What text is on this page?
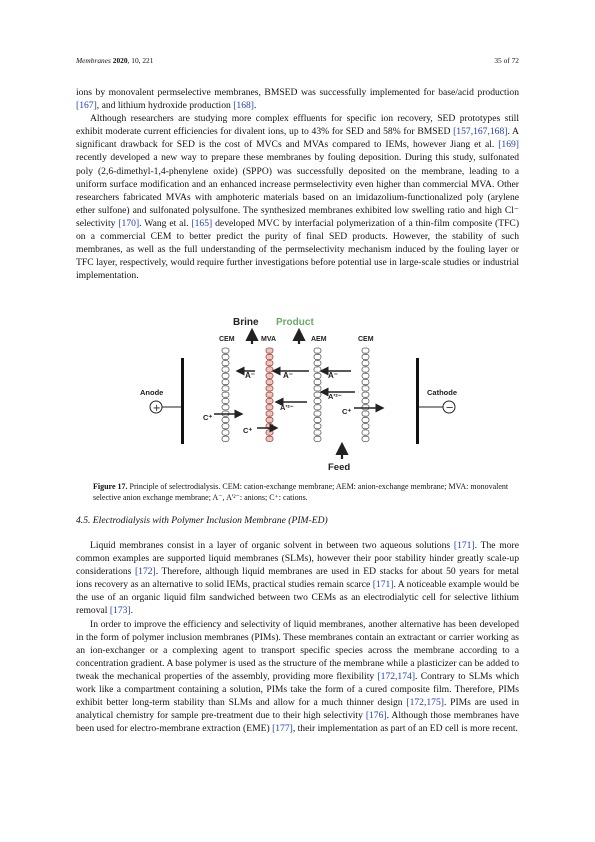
Membranes 2020, 10, 221	35 of 72

ions by monovalent permselective membranes, BMSED was successfully implemented for base/acid production [167], and lithium hydroxide production [168].

Although researchers are studying more complex effluents for specific ion recovery, SED prototypes still exhibit moderate current efficiencies for divalent ions, up to 43% for SED and 58% for BMSED [157,167,168]. A significant drawback for SED is the cost of MVCs and MVAs compared to IEMs, however Jiang et al. [169] recently developed a new way to prepare these membranes by fouling deposition. During this study, sulfonated poly (2,6-dimethyl-1,4-phenylene oxide) (SPPO) was successfully deposited on the membrane, leading to a uniform surface modification and an enhanced increase permselectivity even higher than commercial MVA. Other researchers fabricated MVAs with amphoteric materials based on an imidazolium-functionalized poly (arylene ether sulfone) and sulfonated polysulfone. The synthesized membranes exhibited low swelling ratio and high Cl⁻ selectivity [170]. Wang et al. [165] developed MVC by interfacial polymerization of a thin-film composite (TFC) on a commercial CEM to better predict the purity of final SED products. However, the stability of such membranes, as well as the full understanding of the permselectivity mechanism induced by the fouling layer or TFC layer, respectively, would require further investigations before potential use in large-scale studies or industrial implementation.

Brine Product
CEM	MVA	AEM	CEM
Anode
+
Cathode
−
A⁻	A⁻	A⁻
A'²⁻
A'²⁻
C⁺
C⁺
C⁺
Feed
Figure 17. Principle of selectrodialysis. CEM: cation-exchange membrane; AEM: anion-exchange membrane; MVA: monovalent selective anion exchange membrane; A⁻, A'²⁻: anions; C⁺: cations.
4.5. Electrodialysis with Polymer Inclusion Membrane (PIM-ED)

Liquid membranes consist in a layer of organic solvent in between two aqueous solutions [171]. The more common examples are supported liquid membranes (SLMs), however their poor stability hinder greatly scale-up considerations [172]. Therefore, although liquid membranes are used in ED stacks for about 50 years for metal ions recovery as an alternative to solid IEMs, practical studies remain scarce [171]. A noticeable example would be the use of an organic liquid film sandwiched between two CEMs as an electrodialytic cell for selective lithium removal [173].

In order to improve the efficiency and selectivity of liquid membranes, another alternative has been developed in the form of polymer inclusion membranes (PIMs). These membranes contain an extractant or carrier working as an ion-exchanger or a complexing agent to transport specific species across the membrane according to a concentration gradient. A base polymer is used as the structure of the membrane while a plasticizer can be added to tweak the mechanical properties of the assembly, providing more flexibility [172,174]. Contrary to SLMs which work like a compartment containing a solution, PIMs take the form of a cured composite film. Therefore, PIMs exhibit better long-term stability than SLMs and allow for a much thinner design [172,175]. PIMs are used in analytical chemistry for sample pre-treatment due to their high selectivity [176]. Although those membranes have been used for electro-membrane extraction (EME) [177], their implementation as part of an ED cell is more recent.
